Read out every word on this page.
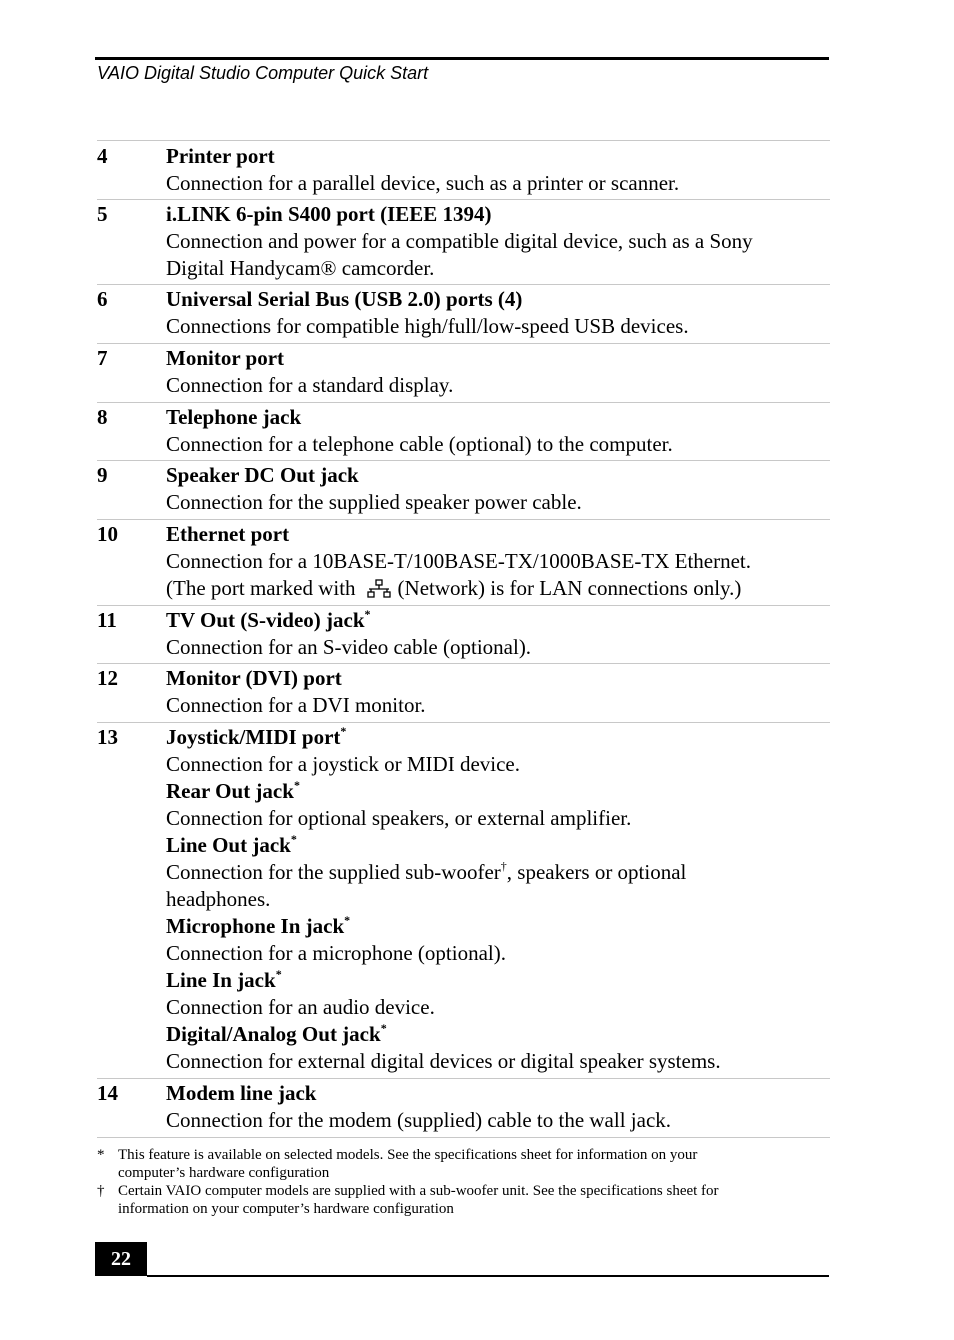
VAIO Digital Studio Computer Quick Start
4	Printer port
Connection for a parallel device, such as a printer or scanner.
5	i.LINK 6-pin S400 port (IEEE 1394)
Connection and power for a compatible digital device, such as a Sony
Digital Handycam® camcorder.
6	Universal Serial Bus (USB 2.0) ports (4)
Connections for compatible high/full/low-speed USB devices.
7	Monitor port
Connection for a standard display.
8	Telephone jack
Connection for a telephone cable (optional) to the computer.
9	Speaker DC Out jack
Connection for the supplied speaker power cable.
10 Ethernet port
Connection for a 10BASE-T/100BASE-TX/1000BASE-TX Ethernet.
(The port marked with (Network) is for LAN connections only.)
11 TV Out (S-video) jack*
Connection for an S-video cable (optional).
12 Monitor (DVI) port
Connection for a DVI monitor.
13 Joystick/MIDI port*
Connection for a joystick or MIDI device.
Rear Out jack*
Connection for optional speakers, or external amplifier.
Line Out jack*
Connection for the supplied sub-woofer†, speakers or optional
headphones.
Microphone In jack*
Connection for a microphone (optional).
Line In jack*
Connection for an audio device.
Digital/Analog Out jack*
Connection for external digital devices or digital speaker systems.
14 Modem line jack
Connection for the modem (supplied) cable to the wall jack.
* This feature is available on selected models. See the specifications sheet for information on your
computer’s hardware configuration
† Certain VAIO computer models are supplied with a sub-woofer unit. See the specifications sheet for
information on your computer’s hardware configuration
22
